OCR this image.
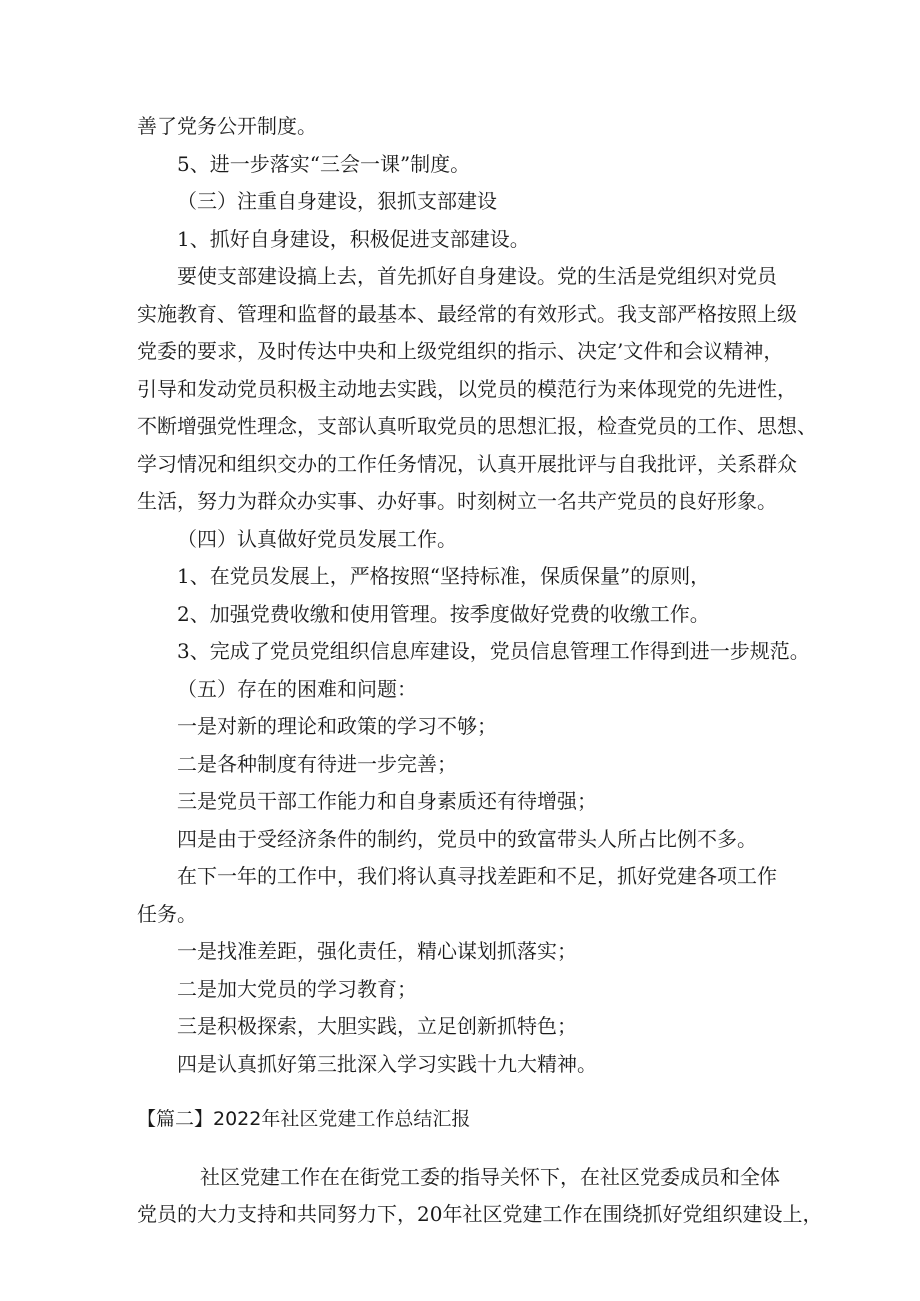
善了党务公开制度。
5、进一步落实“三会一课”制度。
（三）注重自身建设，狠抓支部建设
1、抓好自身建设，积极促进支部建设。
要使支部建设搞上去，首先抓好自身建设。党的生活是党组织对党员
实施教育、管理和监督的最基本、最经常的有效形式。我支部严格按照上级
党委的要求，及时传达中央和上级党组织的指示、决定’文件和会议精神，
引导和发动党员积极主动地去实践，以党员的模范行为来体现党的先进性，
不断增强党性理念，支部认真听取党员的思想汇报，检查党员的工作、思想、
学习情况和组织交办的工作任务情况，认真开展批评与自我批评，关系群众
生活，努力为群众办实事、办好事。时刻树立一名共产党员的良好形象。
（四）认真做好党员发展工作。
1、在党员发展上，严格按照“坚持标准，保质保量”的原则，
2、加强党费收缴和使用管理。按季度做好党费的收缴工作。
3、完成了党员党组织信息库建设，党员信息管理工作得到进一步规范。
（五）存在的困难和问题：
一是对新的理论和政策的学习不够；
二是各种制度有待进一步完善；
三是党员干部工作能力和自身素质还有待增强；
四是由于受经济条件的制约，党员中的致富带头人所占比例不多。
在下一年的工作中，我们将认真寻找差距和不足，抓好党建各项工作
任务。
一是找准差距，强化责任，精心谋划抓落实；
二是加大党员的学习教育；
三是积极探索，大胆实践，立足创新抓特色；
四是认真抓好第三批深入学习实践十九大精神。
【篇二】2022年社区党建工作总结汇报
社区党建工作在在街党工委的指导关怀下，在社区党委成员和全体
党员的大力支持和共同努力下，20年社区党建工作在围绕抓好党组织建设上，
